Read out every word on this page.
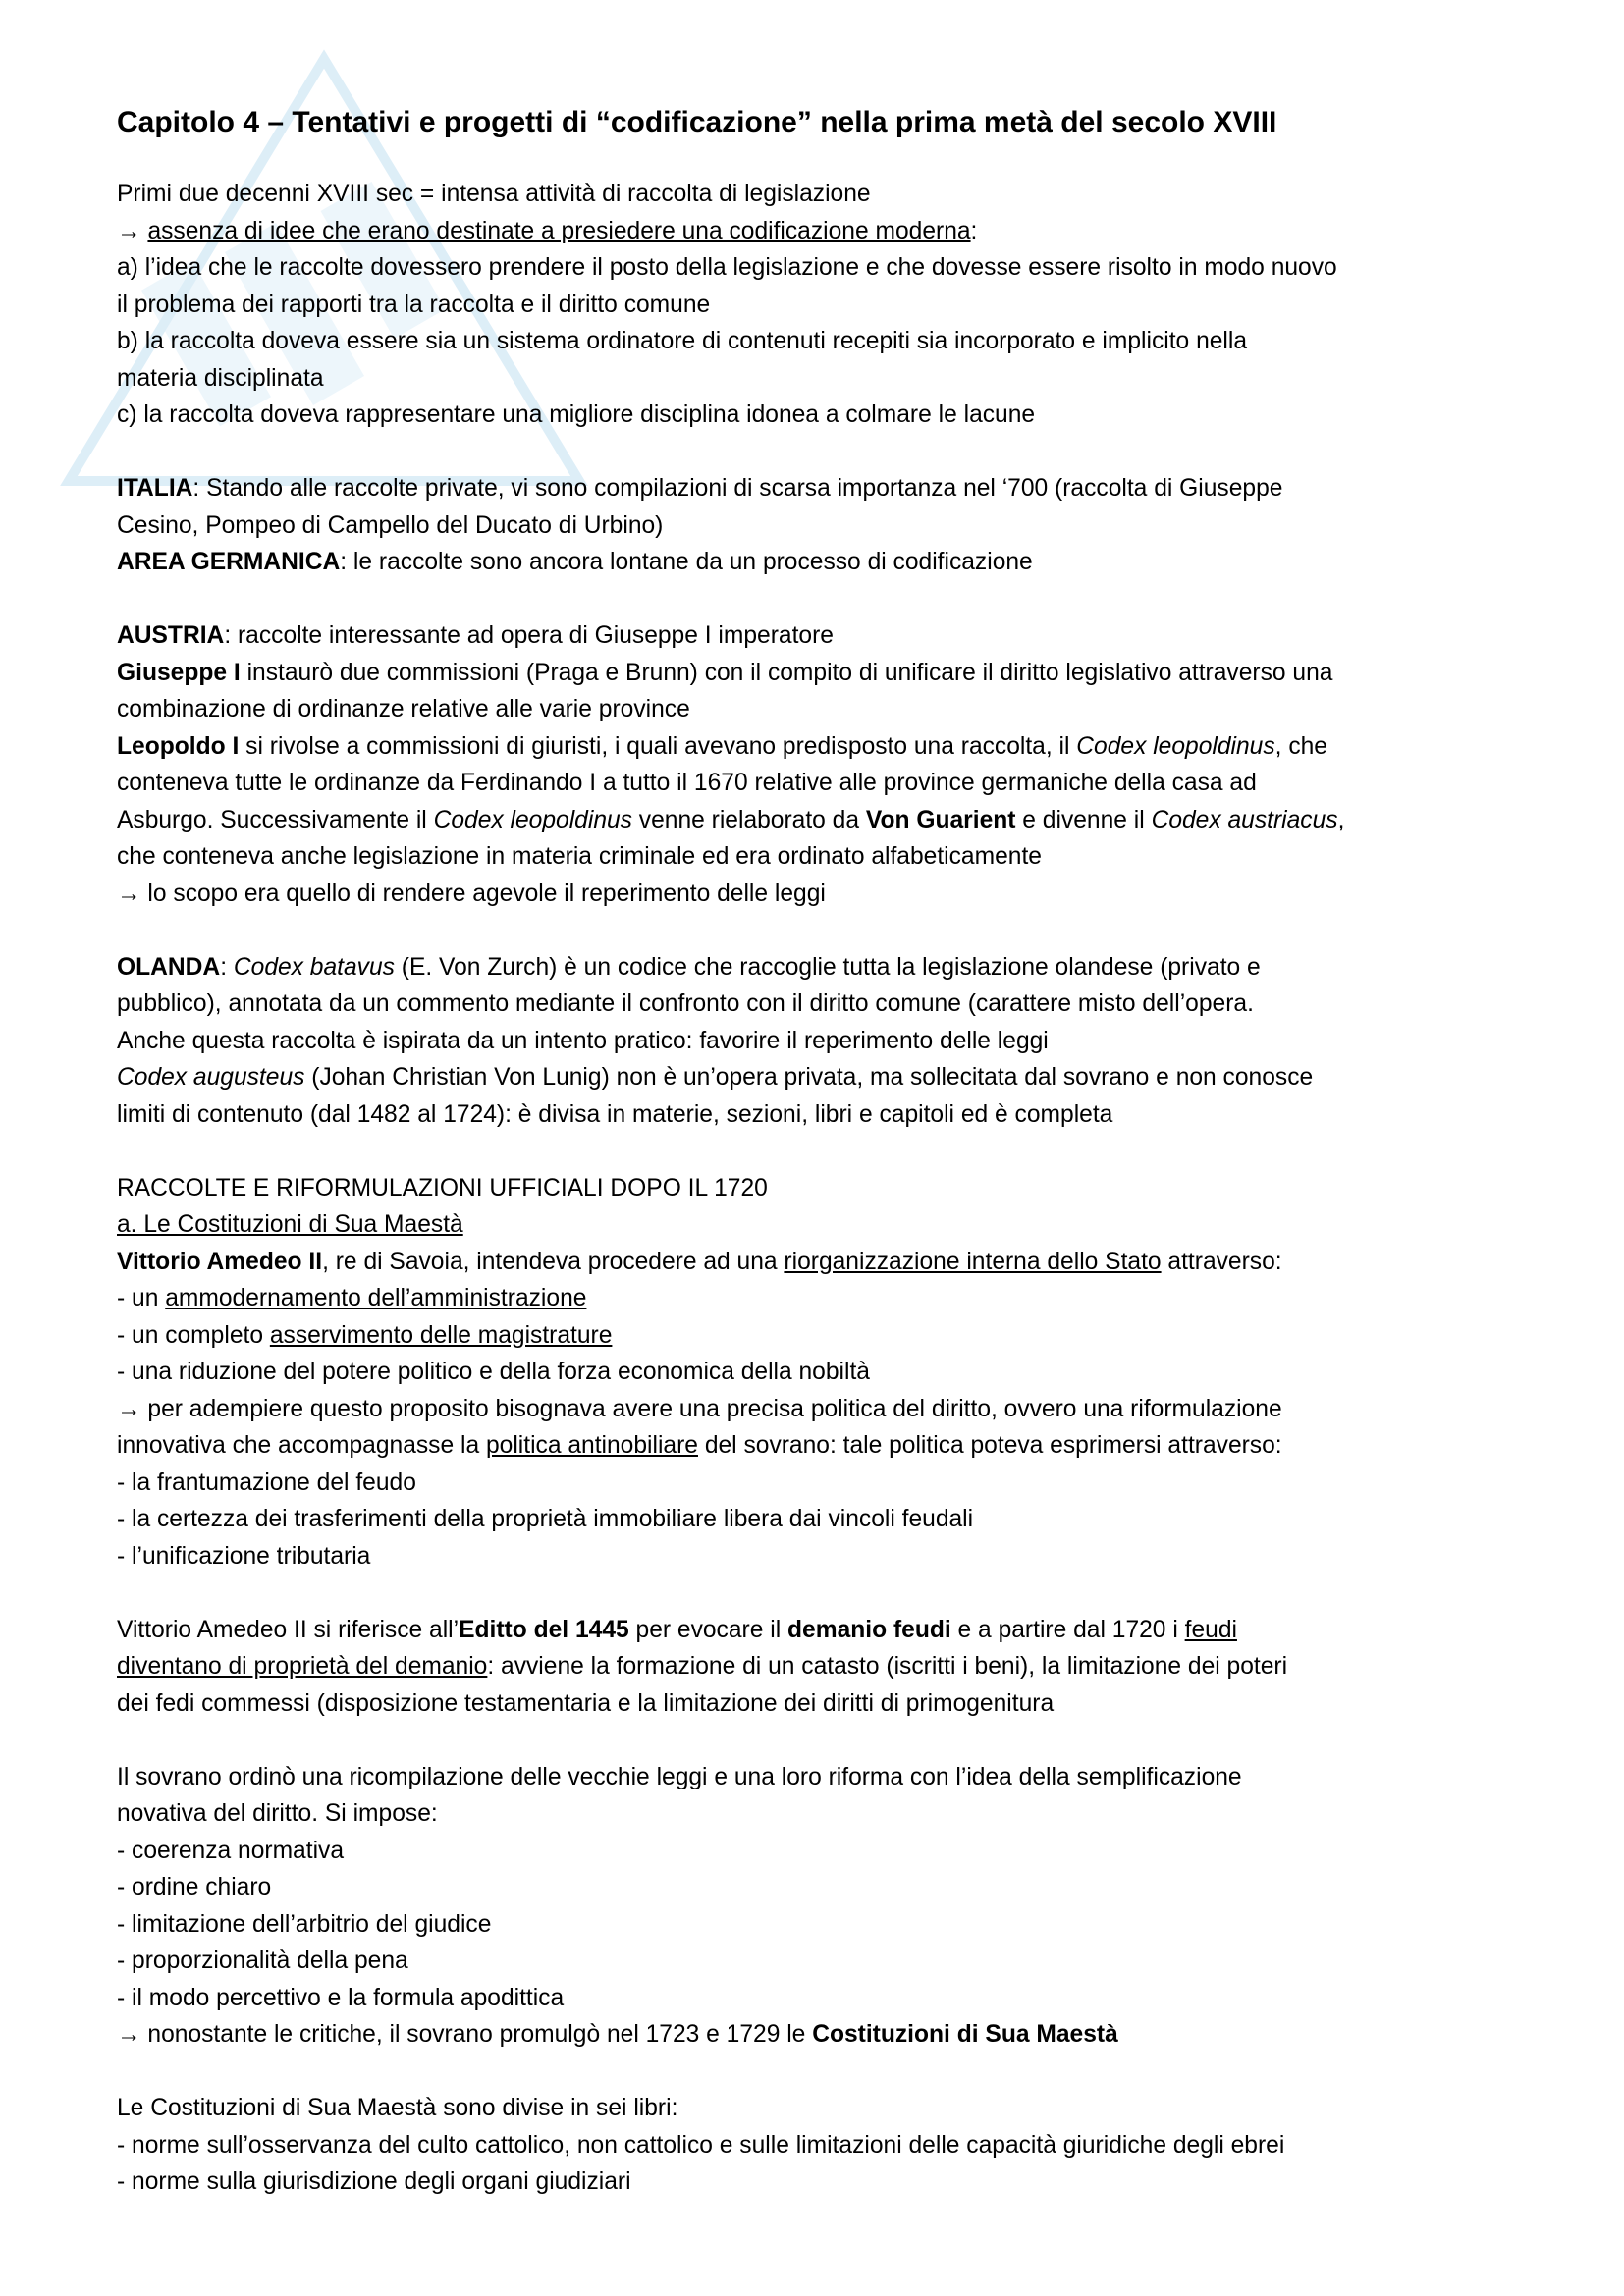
Capitolo 4 – Tentativi e progetti di “codificazione” nella prima metà del secolo XVIII
Primi due decenni XVIII sec = intensa attività di raccolta di legislazione
→ assenza di idee che erano destinate a presiedere una codificazione moderna:
a) l’idea che le raccolte dovessero prendere il posto della legislazione e che dovesse essere risolto in modo nuovo
il problema dei rapporti tra la raccolta e il diritto comune
b) la raccolta doveva essere sia un sistema ordinatore di contenuti recepiti sia incorporato e implicito nella
materia disciplinata
c) la raccolta doveva rappresentare una migliore disciplina idonea a colmare le lacune
ITALIA: Stando alle raccolte private, vi sono compilazioni di scarsa importanza nel ‘700 (raccolta di Giuseppe
Cesino, Pompeo di Campello del Ducato di Urbino)
AREA GERMANICA: le raccolte sono ancora lontane da un processo di codificazione
AUSTRIA: raccolte interessante ad opera di Giuseppe I imperatore
Giuseppe I instaurò due commissioni (Praga e Brunn) con il compito di unificare il diritto legislativo attraverso una
combinazione di ordinanze relative alle varie province
Leopoldo I si rivolse a commissioni di giuristi, i quali avevano predisposto una raccolta, il Codex leopoldinus, che
conteneva tutte le ordinanze da Ferdinando I a tutto il 1670 relative alle province germaniche della casa ad
Asburgo. Successivamente il Codex leopoldinus venne rielaborato da Von Guarient e divenne il Codex austriacus,
che conteneva anche legislazione in materia criminale ed era ordinato alfabeticamente
→ lo scopo era quello di rendere agevole il reperimento delle leggi
OLANDA: Codex batavus (E. Von Zurch) è un codice che raccoglie tutta la legislazione olandese (privato e
pubblico), annotata da un commento mediante il confronto con il diritto comune (carattere misto dell’opera.
Anche questa raccolta è ispirata da un intento pratico: favorire il reperimento delle leggi
Codex augusteus (Johan Christian Von Lunig) non è un’opera privata, ma sollecitata dal sovrano e non conosce
limiti di contenuto (dal 1482 al 1724): è divisa in materie, sezioni, libri e capitoli ed è completa
RACCOLTE E RIFORMULAZIONI UFFICIALI DOPO IL 1720
a. Le Costituzioni di Sua Maestà
Vittorio Amedeo II, re di Savoia, intendeva procedere ad una riorganizzazione interna dello Stato attraverso:
- un ammodernamento dell’amministrazione
- un completo asservimento delle magistrature
- una riduzione del potere politico e della forza economica della nobiltà
→ per adempiere questo proposito bisognava avere una precisa politica del diritto, ovvero una riformulazione
innovativa che accompagnasse la politica antinobiliare del sovrano: tale politica poteva esprimersi attraverso:
- la frantumazione del feudo
- la certezza dei trasferimenti della proprietà immobiliare libera dai vincoli feudali
- l’unificazione tributaria
Vittorio Amedeo II si riferisce all’Editto del 1445 per evocare il demanio feudi e a partire dal 1720 i feudi
diventano di proprietà del demanio: avviene la formazione di un catasto (iscritti i beni), la limitazione dei poteri
dei fedi commessi (disposizione testamentaria e la limitazione dei diritti di primogenitura
Il sovrano ordinò una ricompilazione delle vecchie leggi e una loro riforma con l’idea della semplificazione
novativa del diritto. Si impose:
- coerenza normativa
- ordine chiaro
- limitazione dell’arbitrio del giudice
- proporzionalità della pena
- il modo percettivo e la formula apodittica
→ nonostante le critiche, il sovrano promulgò nel 1723 e 1729 le Costituzioni di Sua Maestà
Le Costituzioni di Sua Maestà sono divise in sei libri:
- norme sull’osservanza del culto cattolico, non cattolico e sulle limitazioni delle capacità giuridiche degli ebrei
- norme sulla giurisdizione degli organi giudiziari
